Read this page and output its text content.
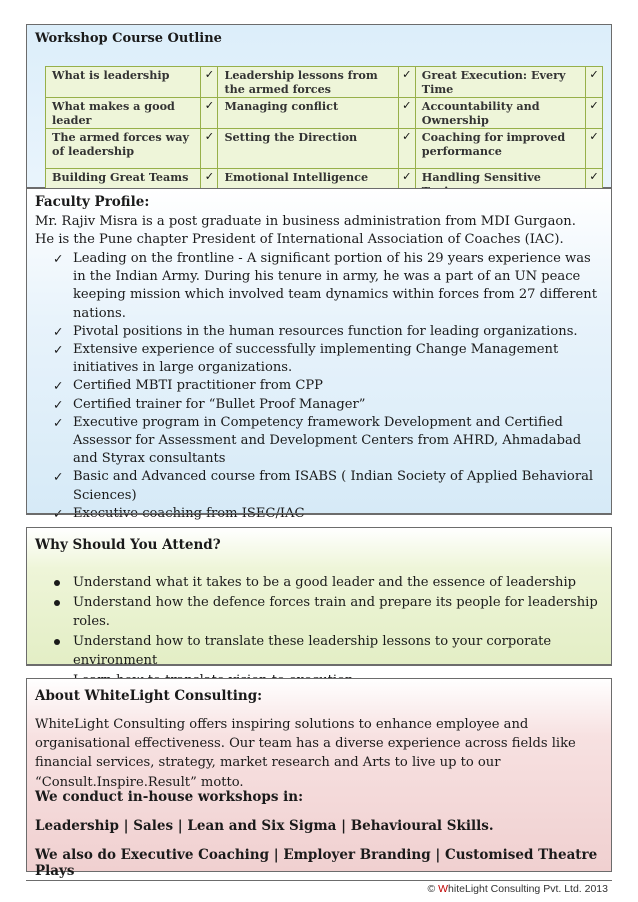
Workshop Course Outline
What is leadership	✓	Leadership lessons from the armed forces	✓	Great Execution: Every Time	✓
What makes a good leader	✓	Managing conflict	✓	Accountability and Ownership	✓
The armed forces way of leadership	✓	Setting the Direction	✓	Coaching for improved performance	✓
Building Great Teams	✓	Emotional Intelligence	✓	Handling Sensitive	✓
Faculty Profile:
Mr. Rajiv Misra is a post graduate in business administration from MDI Gurgaon.
He is the Pune chapter President of International Association of Coaches (IAC).
✓ Leading on the frontline - A significant portion of his 29 years experience was in the Indian Army. During his tenure in army, he was a part of an UN peace keeping mission which involved team dynamics within forces from 27 different nations.
✓ Pivotal positions in the human resources function for leading organizations.
✓ Extensive experience of successfully implementing Change Management initiatives in large organizations.
✓ Certified MBTI practitioner from CPP
✓ Certified trainer for “Bullet Proof Manager”
✓ Executive program in Competency framework Development and Certified Assessor for Assessment and Development Centers from AHRD, Ahmadabad and Styrax consultants
✓ Basic and Advanced course from ISABS ( Indian Society of Applied Behavioral Sciences)
✓ Executive coaching from ISEC/IAC
Why Should You Attend?
Understand what it takes to be a good leader and the essence of leadership
Understand how the defence forces train and prepare its people for leadership roles.
Understand how to translate these leadership lessons to your corporate environment
About WhiteLight Consulting:
WhiteLight Consulting offers inspiring solutions to enhance employee and organisational effectiveness. Our team has a diverse experience across fields like financial services, strategy, market research and Arts to live up to our “Consult.Inspire.Result” motto.
We conduct in-house workshops in:
Leadership | Sales | Lean and Six Sigma | Behavioural Skills.
We also do Executive Coaching | Employer Branding | Customised Theatre Plays
© WhiteLight Consulting Pvt. Ltd. 2013
